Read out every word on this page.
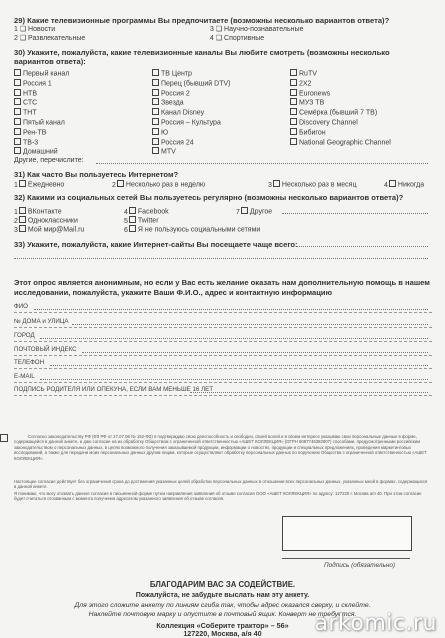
29) Какие телевизионные программы Вы предпочитаете (возможны несколько вариантов ответа)?
1 ❑ Новости
2 ❑ Развлекательные
3 ❑ Научно-познавательные
4 ❑ Спортивные
30) Укажите, пожалуйста, какие телевизионные каналы Вы любите смотреть (возможны несколько вариантов ответа):
Первый канал
Россия 1
НТВ
СТС
ТНТ
Пятый канал
Рен-ТВ
ТВ-3
Домашний
ТВ Центр
Перец (бывший DTV)
Россия 2
Звезда
Канал Disney
Россия – Культура
Ю
Россия 24
MTV
RuTV
2X2
Euronews
МУЗ ТВ
Семёрка (бывший 7 ТВ)
Discovery Channel
Бибигон
National Geographic Channel
Другие, перечислите:
31) Как часто Вы пользуетесь Интернетом?
1 Ежедневно	2 Несколько раз в неделю	3 Несколько раз в месяц	4 Никогда
32) Какими из социальных сетей Вы пользуетесь регулярно (возможны несколько вариантов ответа)?
1 ВКонтакте
2 Одноклассники
3 Мой мир@Mail.ru
4 Facebook
5 Twitter
6 Я не пользуюсь социальными сетями
7 Другое
33) Укажите, пожалуйста, какие Интернет-сайты Вы посещаете чаще всего:
Этот опрос является анонимным, но если у Вас есть желание оказать нам дополнительную помощь в нашем
исследовании, пожалуйста, укажите Ваши Ф.И.О., адрес и контактную информацию
ФИО
№ ДОМА и УЛИЦА
ГОРОД
ПОЧТОВЫЙ ИНДЕКС
ТЕЛЕФОН
E-MAIL
ПОДПИСЬ РОДИТЕЛЯ ИЛИ ОПЕКУНА, ЕСЛИ ВАМ МЕНЬШЕ 16 ЛЕТ
Согласно законодательству РФ (ФЗ РФ от 27.07.06 № 152-ФЗ) я подтверждаю свою дееспособность и свободно, своей волей и в своем интересе указываю свои персональные данные в форме, содержащейся в данной анкете, и даю согласие на их обработку Обществом с ограниченной ответственностью «АШЕТ КОЛЛЕКЦИЯ» (ОГРН 5087746382807) способами, предусмотренными российским законодательством о персональных данных, в целях возможного получения заказываемой продукции, информации о новостях, продукции и специальных предложениях, проведения маркетинговых исследований, а также для передачи моих персональных данных другим лицам, которые осуществляют обработку персональных данных по поручению Общества с ограниченной ответственностью «АШЕТ КОЛЛЕКЦИЯ».
Настоящее согласие действует без ограничения срока до достижения указанных целей обработки персональных данных в отношении всех персональных данных, указанных мной в формах, содержащихся в данной анкете.
Я понимаю, что могу отозвать данное согласие в письменной форме путем направления заявления об отзыве согласия ООО «АШЕТ КОЛЛЕКЦИЯ» по адресу: 127220 г. Москва а/я 40. При этом согласие будет считаться отозванным с момента получения адресатом указанного заявления об отзыве согласия.
Подпись (обязательно)
БЛАГОДАРИМ ВАС ЗА СОДЕЙСТВИЕ.
Пожалуйста, не забудьте выслать нам эту анкету.
Для этого сложите анкету по линиям сгиба так, чтобы адрес оказался сверху, и склейте.
Наклейте почтовую марку и опустите в почтовый ящик. Конверт не требуется.
Коллекция «Соберите трактор» – 56»
127220, Москва, а/я 40	arkomic.ru
